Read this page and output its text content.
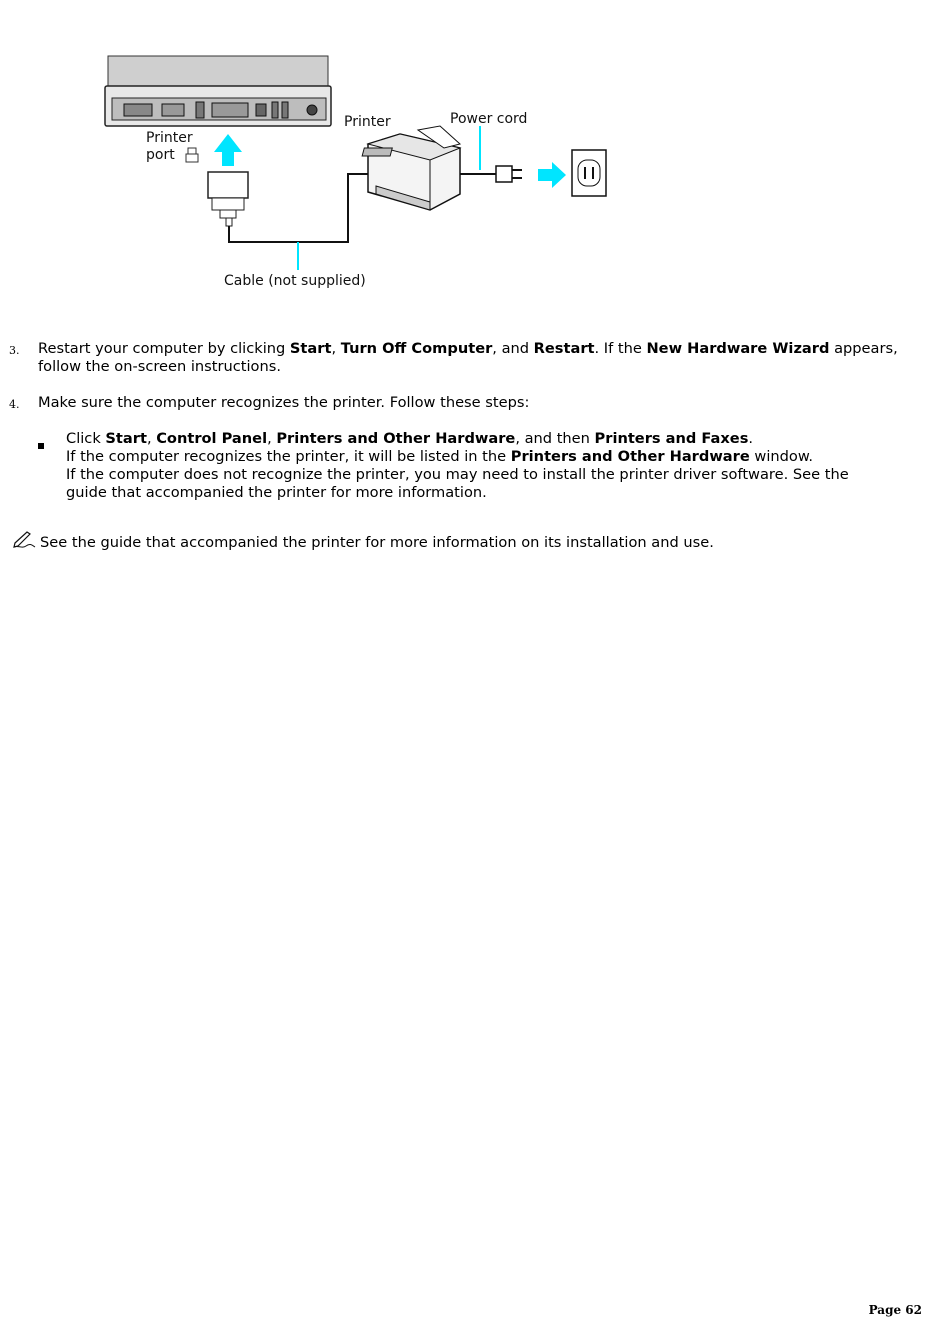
Printer
port
Cable (not supplied)
Printer	Power cord
3. Restart your computer by clicking Start, Turn Off Computer, and Restart. If the New Hardware Wizard appears, follow the on-screen instructions.
4. Make sure the computer recognizes the printer. Follow these steps:
Click Start, Control Panel, Printers and Other Hardware, and then Printers and Faxes.
If the computer recognizes the printer, it will be listed in the Printers and Other Hardware window.
If the computer does not recognize the printer, you may need to install the printer driver software. See the guide that accompanied the printer for more information.
See the guide that accompanied the printer for more information on its installation and use.
Page 62
